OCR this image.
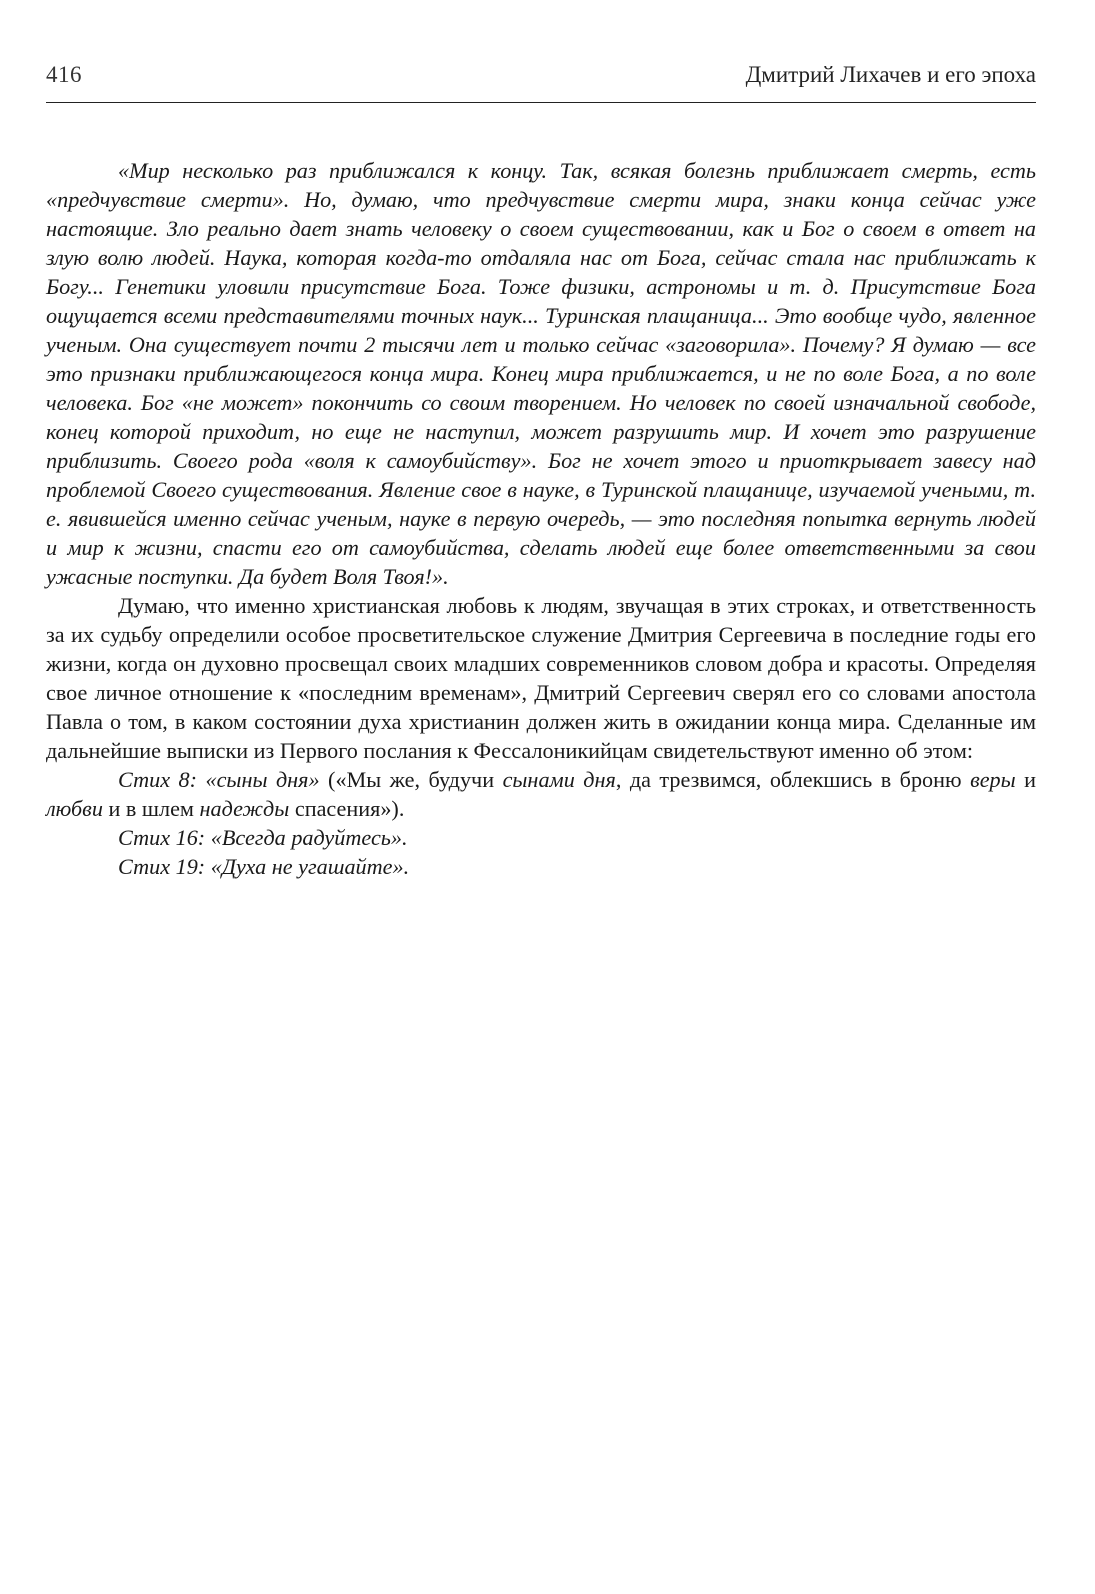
416	Дмитрий Лихачев и его эпоха

«Мир несколько раз приближался к концу. Так, всякая болезнь приближает смерть, есть «предчувствие смерти». Но, думаю, что предчувствие смерти мира, знаки конца сейчас уже настоящие. Зло реально дает знать человеку о своем существовании, как и Бог о своем в ответ на злую волю людей. Наука, которая когда-то отдаляла нас от Бога, сейчас стала нас приближать к Богу... Генетики уловили присутствие Бога. Тоже физики, астрономы и т. д. Присутствие Бога ощущается всеми представителями точных наук... Туринская плащаница... Это вообще чудо, явленное ученым. Она существует почти 2 тысячи лет и только сейчас «заговорила». Почему? Я думаю — все это признаки приближающегося конца мира. Конец мира приближается, и не по воле Бога, а по воле человека. Бог «не может» покончить со своим творением. Но человек по своей изначальной свободе, конец которой приходит, но еще не наступил, может разрушить мир. И хочет это разрушение приблизить. Своего рода «воля к самоубийству». Бог не хочет этого и приоткрывает завесу над проблемой Своего существования. Явление свое в науке, в Туринской плащанице, изучаемой учеными, т. е. явившейся именно сейчас ученым, науке в первую очередь, — это последняя попытка вернуть людей и мир к жизни, спасти его от самоубийства, сделать людей еще более ответственными за свои ужасные поступки. Да будет Воля Твоя!».

Думаю, что именно христианская любовь к людям, звучащая в этих строках, и ответственность за их судьбу определили особое просветительское служение Дмитрия Сергеевича в последние годы его жизни, когда он духовно просвещал своих младших современников словом добра и красоты. Определяя свое личное отношение к «последним временам», Дмитрий Сергеевич сверял его со словами апостола Павла о том, в каком состоянии духа христианин должен жить в ожидании конца мира. Сделанные им дальнейшие выписки из Первого послания к Фессалоникийцам свидетельствуют именно об этом:

Стих 8: «сыны дня» («Мы же, будучи сынами дня, да трезвимся, облекшись в броню веры и любви и в шлем надежды спасения»).

Стих 16: «Всегда радуйтесь».

Стих 19: «Духа не угашайте».
